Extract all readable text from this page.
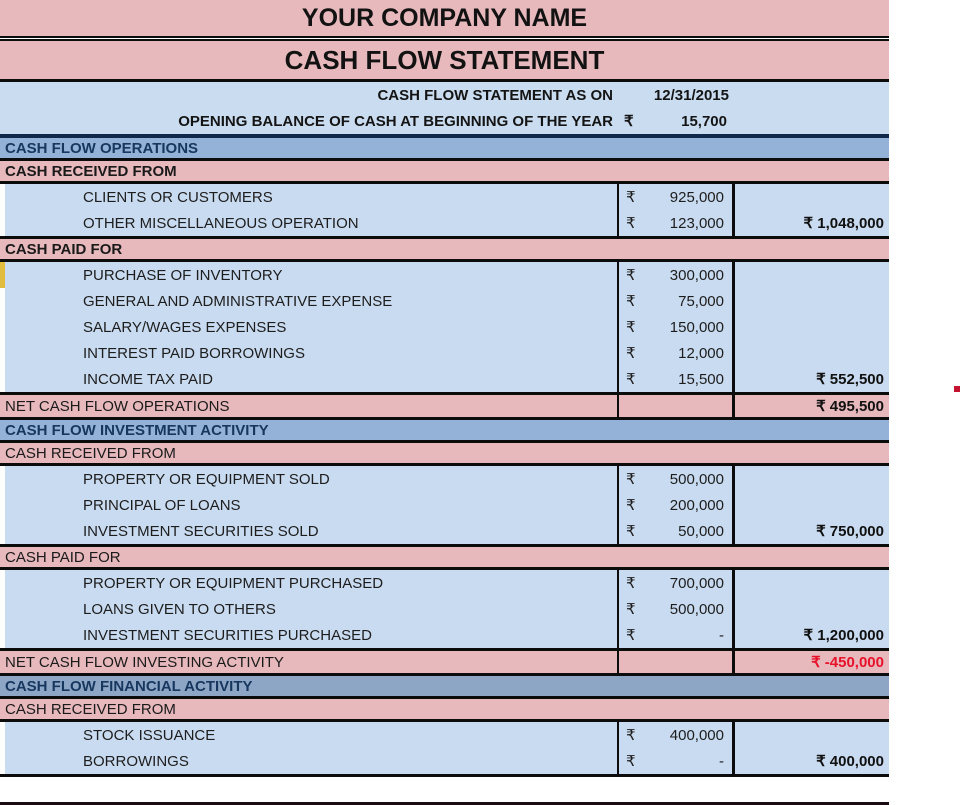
YOUR COMPANY NAME
CASH FLOW STATEMENT
CASH FLOW STATEMENT AS ON	12/31/2015
OPENING BALANCE OF CASH AT BEGINNING OF THE YEAR ₹	15,700
CASH FLOW OPERATIONS
CASH RECEIVED FROM
CLIENTS OR CUSTOMERS	₹	925,000
OTHER MISCELLANEOUS OPERATION	₹	123,000	₹ 1,048,000
CASH PAID FOR
PURCHASE OF INVENTORY	₹	300,000
GENERAL AND ADMINISTRATIVE EXPENSE	₹	75,000
SALARY/WAGES EXPENSES	₹	150,000
INTEREST PAID BORROWINGS	₹	12,000
INCOME TAX PAID	₹	15,500	₹ 552,500
NET CASH FLOW OPERATIONS	₹ 495,500
CASH FLOW INVESTMENT ACTIVITY
CASH RECEIVED FROM
PROPERTY OR EQUIPMENT SOLD	₹	500,000
PRINCIPAL OF LOANS	₹	200,000
INVESTMENT SECURITIES SOLD	₹	50,000	₹ 750,000
CASH PAID FOR
PROPERTY OR EQUIPMENT PURCHASED	₹	700,000
LOANS GIVEN TO OTHERS	₹	500,000
INVESTMENT SECURITIES PURCHASED	₹	-	₹ 1,200,000
NET CASH FLOW INVESTING ACTIVITY	₹ -450,000
CASH FLOW FINANCIAL ACTIVITY
CASH RECEIVED FROM
STOCK ISSUANCE	₹	400,000
BORROWINGS	₹	-	₹ 400,000
